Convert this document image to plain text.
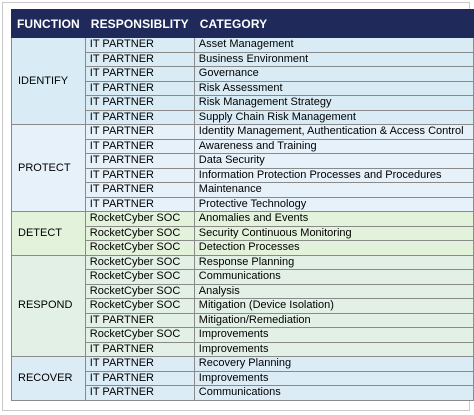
FUNCTION	RESPONSIBLITY	CATEGORY
IDENTIFY	IT PARTNER	Asset Management
	IT PARTNER	Business Environment
	IT PARTNER	Governance
	IT PARTNER	Risk Assessment
	IT PARTNER	Risk Management Strategy
	IT PARTNER	Supply Chain Risk Management
PROTECT	IT PARTNER	Identity Management, Authentication & Access Control
	IT PARTNER	Awareness and Training
	IT PARTNER	Data Security
	IT PARTNER	Information Protection Processes and Procedures
	IT PARTNER	Maintenance
	IT PARTNER	Protective Technology
DETECT	RocketCyber SOC	Anomalies and Events
	RocketCyber SOC	Security Continuous Monitoring
	RocketCyber SOC	Detection Processes
RESPOND	RocketCyber SOC	Response Planning
	RocketCyber SOC	Communications
	RocketCyber SOC	Analysis
	RocketCyber SOC	Mitigation (Device Isolation)
	IT PARTNER	Mitigation/Remediation
	RocketCyber SOC	Improvements
	IT PARTNER	Improvements
RECOVER	IT PARTNER	Recovery Planning
	IT PARTNER	Improvements
	IT PARTNER	Communications
